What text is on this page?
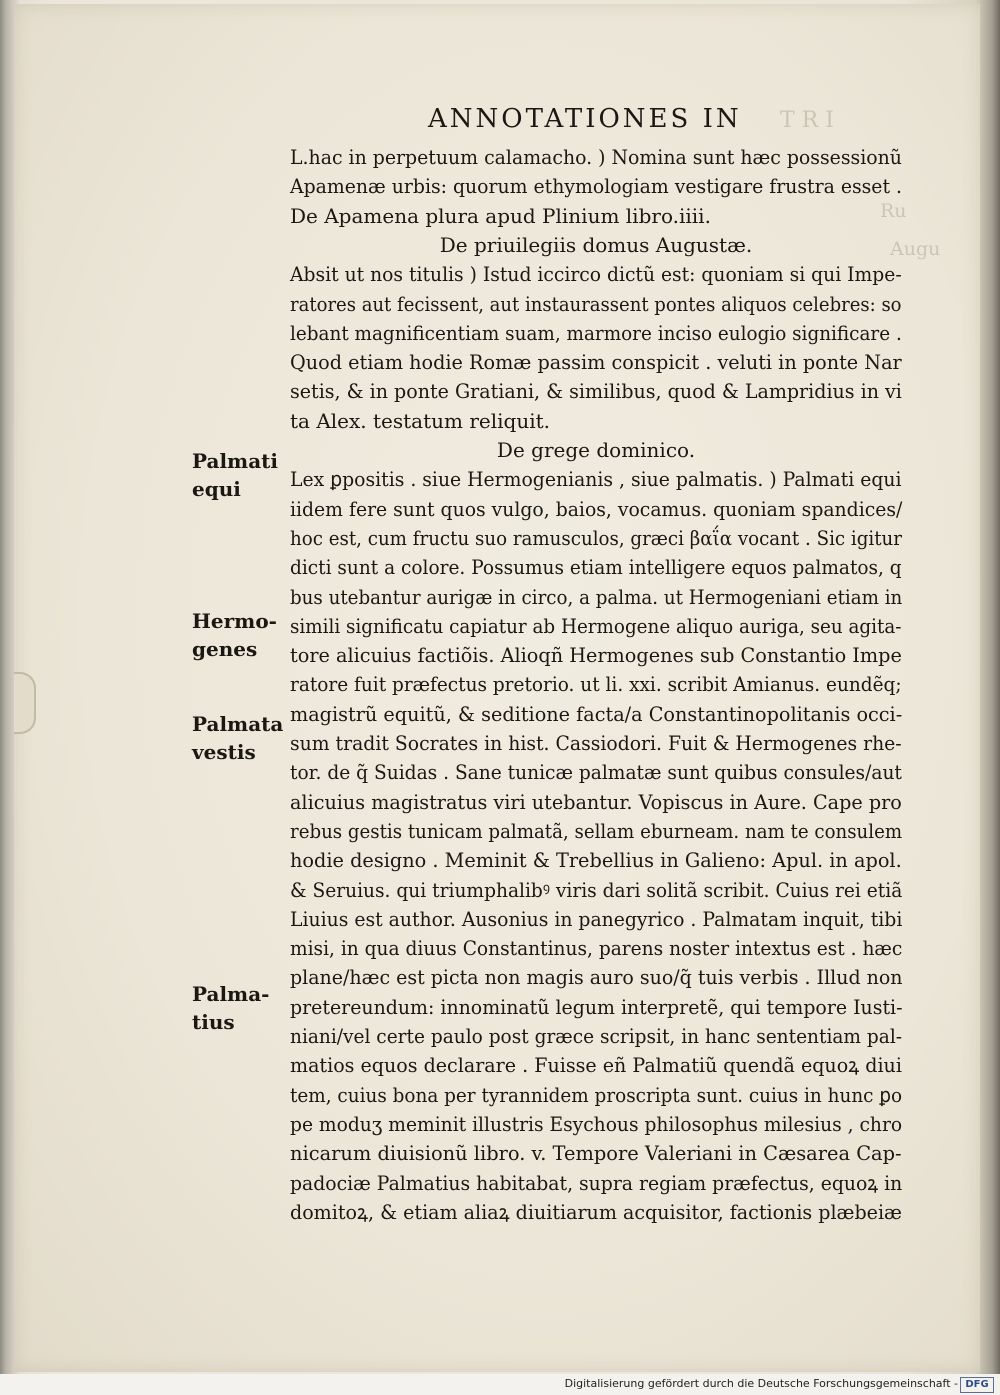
T R I
Ru
Augu
ANNOTATIONES IN
L.hac in perpetuum calamacho. ) Nomina sunt hæc possessionũ
Apamenæ urbis: quorum ethymologiam vestigare frustra esset .
De Apamena plura apud Plinium libro.iiii.
De priuilegiis domus Augustæ.
Absit ut nos titulis ) Istud iccirco dictũ est: quoniam si qui Impe-
ratores aut fecissent, aut instaurassent pontes aliquos celebres: so
lebant magnificentiam suam, marmore inciso eulogio significare .
Quod etiam hodie Romæ passim conspicit . veluti in ponte Nar
setis, & in ponte Gratiani, & similibus, quod & Lampridius in vi
ta Alex. testatum reliquit.
De grege dominico.
Lex ꝑpositis . siue Hermogenianis , siue palmatis. ) Palmati equi
iidem fere sunt quos vulgo, baios, vocamus. quoniam spandices/
hoc est, cum fructu suo ramusculos, græci βαΐα vocant . Sic igitur
dicti sunt a colore. Possumus etiam intelligere equos palmatos, q
bus utebantur aurigæ in circo, a palma. ut Hermogeniani etiam in
simili significatu capiatur ab Hermogene aliquo auriga, seu agita-
tore alicuius factiõis. Alioqñ Hermogenes sub Constantio Impe
ratore fuit præfectus pretorio. ut li. xxi. scribit Amianus. eundẽq;
magistrũ equitũ, & seditione facta/a Constantinopolitanis occi-
sum tradit Socrates in hist. Cassiodori. Fuit & Hermogenes rhe-
tor. de q̃ Suidas . Sane tunicæ palmatæ sunt quibus consules/aut
alicuius magistratus viri utebantur. Vopiscus in Aure. Cape pro
rebus gestis tunicam palmatã, sellam eburneam. nam te consulem
hodie designo . Meminit & Trebellius in Galieno: Apul. in apol.
& Seruius. qui triumphalibꝰ viris dari solitã scribit. Cuius rei etiã
Liuius est author. Ausonius in panegyrico . Palmatam inquit, tibi
misi, in qua diuus Constantinus, parens noster intextus est . hæc
plane/hæc est picta non magis auro suo/q̃ tuis verbis . Illud non
pretereundum: innominatũ legum interpretẽ, qui tempore Iusti-
niani/vel certe paulo post græce scripsit, in hanc sententiam pal-
matios equos declarare . Fuisse eñ Palmatiũ quendã equoꝝ diui
tem, cuius bona per tyrannidem proscripta sunt. cuius in hunc ꝑo
pe moduʒ meminit illustris Esychous philosophus milesius , chro
nicarum diuisionũ libro. v. Tempore Valeriani in Cæsarea Cap-
padociæ Palmatius habitabat, supra regiam præfectus, equoꝝ in
domitoꝝ, & etiam aliaꝝ diuitiarum acquisitor, factionis plæbeiæ
Palmati
equi
Hermo-
genes
Palmata
vestis
Palma-
tius
Digitalisierung gefördert durch die Deutsche Forschungsgemeinschaft - DFG
